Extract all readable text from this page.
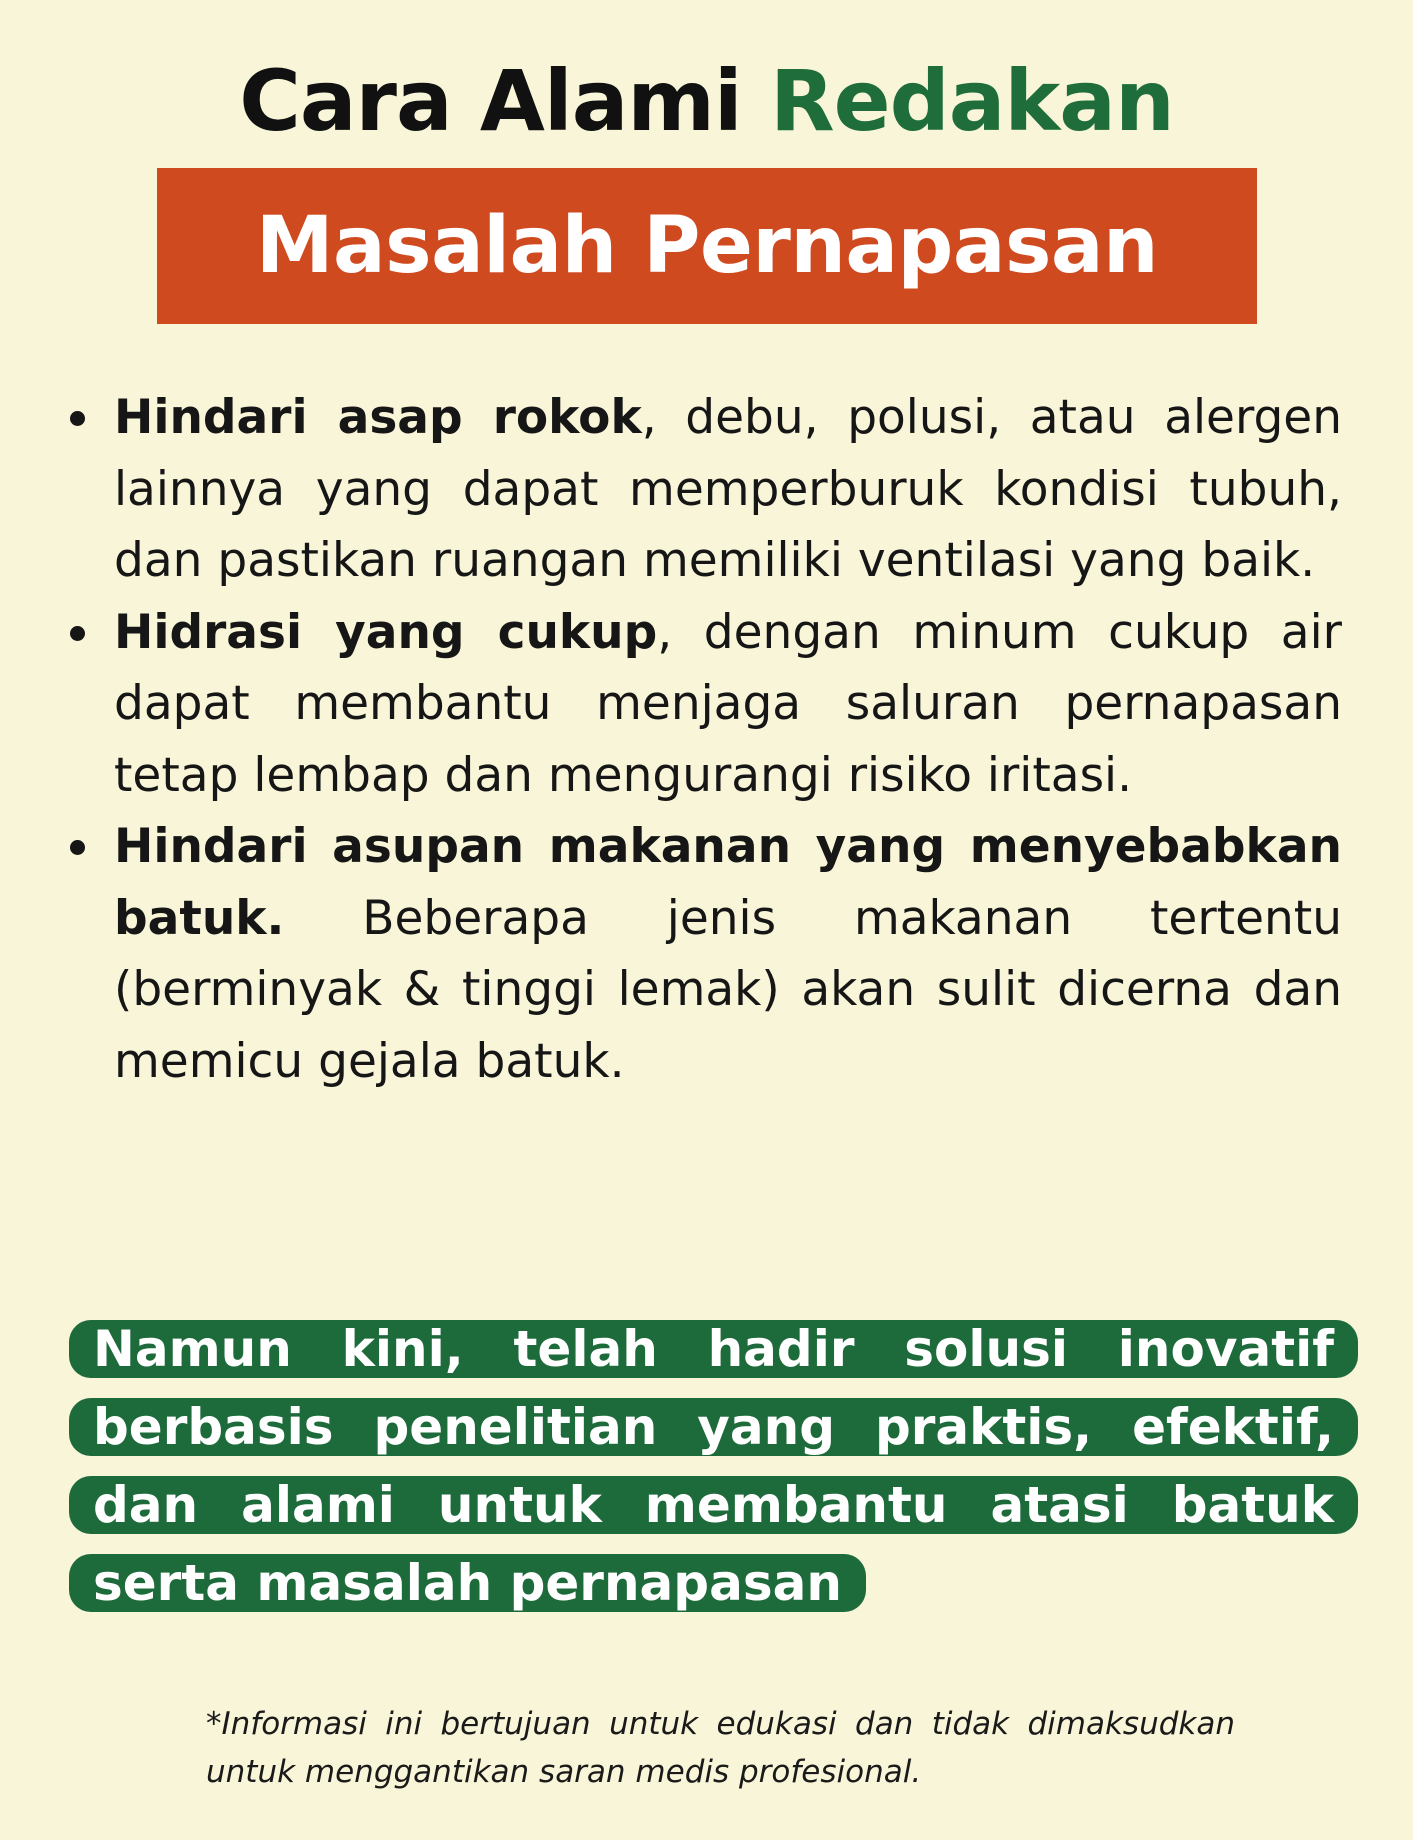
Cara Alami Redakan
Masalah Pernapasan
Hindari asap rokok, debu, polusi, atau alergen lainnya yang dapat memperburuk kondisi tubuh, dan pastikan ruangan memiliki ventilasi yang baik.
Hidrasi yang cukup, dengan minum cukup air dapat membantu menjaga saluran pernapasan tetap lembap dan mengurangi risiko iritasi.
Hindari asupan makanan yang menyebabkan batuk. Beberapa jenis makanan tertentu (berminyak & tinggi lemak) akan sulit dicerna dan memicu gejala batuk.
Namun kini, telah hadir solusi inovatif berbasis penelitian yang praktis, efektif, dan alami untuk membantu atasi batuk serta masalah pernapasan

*Informasi ini bertujuan untuk edukasi dan tidak dimaksudkan untuk menggantikan saran medis profesional.
